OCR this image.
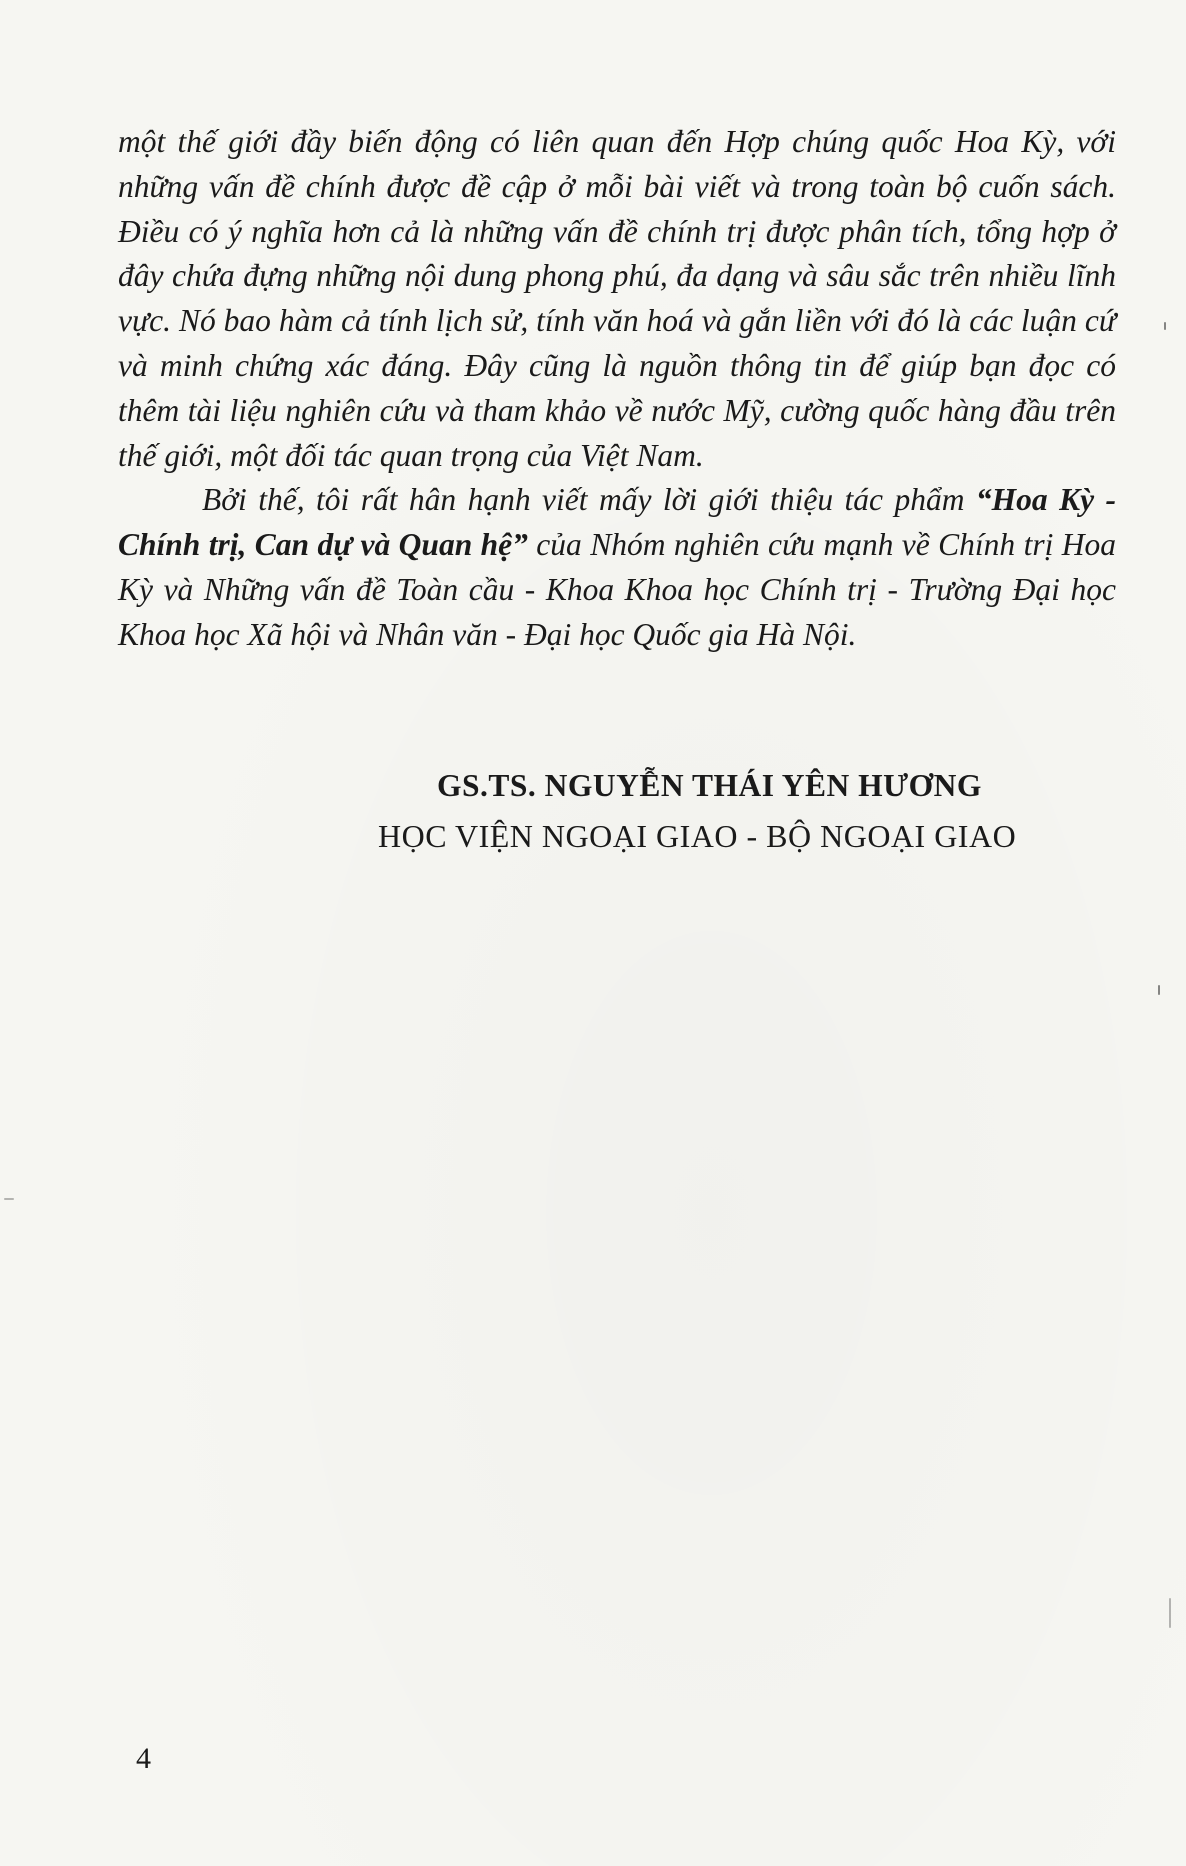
một thế giới đầy biến động có liên quan đến Hợp chúng quốc Hoa Kỳ, với những vấn đề chính được đề cập ở mỗi bài viết và trong toàn bộ cuốn sách. Điều có ý nghĩa hơn cả là những vấn đề chính trị được phân tích, tổng hợp ở đây chứa đựng những nội dung phong phú, đa dạng và sâu sắc trên nhiều lĩnh vực. Nó bao hàm cả tính lịch sử, tính văn hoá và gắn liền với đó là các luận cứ và minh chứng xác đáng. Đây cũng là nguồn thông tin để giúp bạn đọc có thêm tài liệu nghiên cứu và tham khảo về nước Mỹ, cường quốc hàng đầu trên thế giới, một đối tác quan trọng của Việt Nam.

Bởi thế, tôi rất hân hạnh viết mấy lời giới thiệu tác phẩm “Hoa Kỳ - Chính trị, Can dự và Quan hệ” của Nhóm nghiên cứu mạnh về Chính trị Hoa Kỳ và Những vấn đề Toàn cầu - Khoa Khoa học Chính trị - Trường Đại học Khoa học Xã hội và Nhân văn - Đại học Quốc gia Hà Nội.

GS.TS. NGUYỄN THÁI YÊN HƯƠNG
HỌC VIỆN NGOẠI GIAO - BỘ NGOẠI GIAO
4
